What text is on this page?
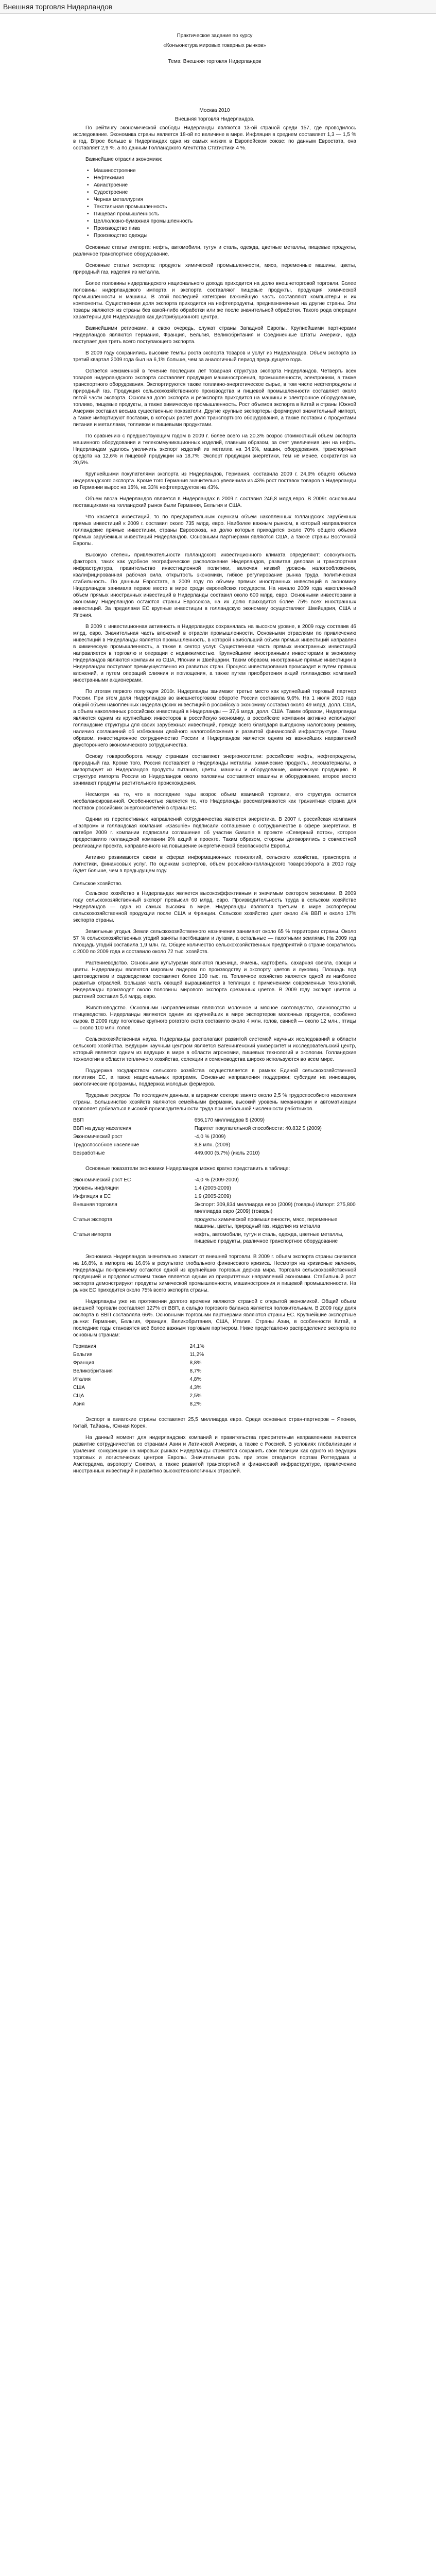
Внешняя торговля Нидерландов

Практическое задание по курсу

«Конъюнктура мировых товарных рынков»

Тема: Внешняя торговля Нидерландов

Москва 2010

Внешняя торговля Нидерландов.

По рейтингу экономической свободы Нидерланды являются 13-ой страной среди 157, где проводилось исследование. Экономика страны является 18-ой по величине в мире. Инфляция в среднем составляет 1,3 — 1,5 % в год. Втрое больше в Нидерландах одна из самых низких в Европейском союзе: по данным Евростата, она составляет 2,9 %, а по данным Голландского Агентства Статистики 4 %.

Важнейшие отрасли экономики:

• Машиностроение
• Нефтехимия
• Авиастроение
• Судостроение
• Черная металлургия
• Текстильная промышленность
• Пищевая промышленность
• Целлюлозно-бумажная промышленность
• Производство пива
• Производство одежды

Основные статьи импорта: нефть, автомобили, тутун и сталь, одежда, цветные металлы, пищевые продукты, различное транспортное оборудование.

Основные статьи экспорта: продукты химической промышленности, мясо, переменные машины, цветы, природный газ, изделия из металла.

Более половины нидерландского национального дохода приходится на долю внешнеторговой торговли. Более половины нидерландского импорта и экспорта составляют пищевые продукты, продукция химической промышленности и машины. В этой последней категории важнейшую часть составляют компьютеры и их компоненты. Существенная доля экспорта приходится на нефтепродукты, предназначенные на другие страны. Эти товары являются из страны без какой-либо обработки или же после значительной обработки. Такого рода операции характерны для Нидерландов как дистрибуционного центра.

Важнейшими регионами, в свою очередь, служат страны Западной Европы. Крупнейшими партнерами Нидерландов являются Германия, Франция, Бельгия, Великобритания и Соединенные Штаты Америки, куда поступает дня треть всего поступающего экспорта.

В 2009 году сохранились высокие темпы роста экспорта товаров и услуг из Нидерландов. Объем экспорта за третий квартал 2009 года был на 6,1% больше, чем за аналогичный период предыдущего года.

Остается неизменной в течение последних лет товарная структура экспорта Нидерландов. Четверть всех товаров нидерландского экспорта составляет продукция машиностроения, промышленности, электроники, а также транспортного оборудования. Экспортируются также топливно-энергетическое сырье, в том числе нефтепродукты и природный газ. Продукция сельскохозяйственного производства и пищевой промышленности составляет около пятой части экспорта. Основная доля экспорта и реэкспорта приходится на машины и электронное оборудование, топливо, пищевые продукты, а также химическую промышленность. Рост объемов экспорта в Китай и страны Южной Америки составил весьма существенные показатели. Другие крупные экспортеры формируют значительный импорт, а также импортируют поставки, в которых растет доля транспортного оборудования, а также поставки с продуктами питания и металлами, топливом и пищевыми продуктами.

По сравнению с предшествующим годом в 2009 г. более всего на 20,3% возрос стоимостный объем экспорта машинного оборудования и телекоммуникационных изделий, главным образом, за счет увеличения цен на нефть. Нидерландам удалось увеличить экспорт изделий из металла на 34,9%, машин, оборудования, транспортных средств на 12,6% и пищевой продукции на 18,7%. Экспорт продукции энергетики, тем не менее, сократился на 20,5%.

Крупнейшими покупателями экспорта из Нидерландов, Германия, составила 2009 г. 24,9% общего объема нидерландского экспорта. Кроме того Германия значительно увеличила из 43% рост поставок товаров в Нидерланды из Германии вырос на 15%, на 33% нефтепродуктов на 43%.

Объем ввоза Нидерландов является в Нидерландах в 2009 г. составил 246,8 млрд.евро. В 2009г. основными поставщиками на голландский рынок были Германия, Бельгия и США.

Что касается инвестиций, то по предварительным оценкам объем накопленных голландских зарубежных прямых инвестиций к 2009 г. составил около 735 млрд. евро. Наиболее важным рынком, в который направляются голландские прямые инвестиции, страны Евросоюза, на долю которых приходится около 70% общего объема прямых зарубежных инвестиций Нидерландов. Основными партнерами являются США, а также страны Восточной Европы.

Высокую степень привлекательности голландского инвестиционного климата определяют: совокупность факторов, таких как удобное географическое расположение Нидерландов, развитая деловая и транспортная инфраструктура, правительство инвестиционной политики, включая низкий уровень налогообложения, квалифицированная рабочая сила, открытость экономики, гибкое регулирование рынка труда, политическая стабильность. По данным Евростата, в 2009 году по объему прямых иностранных инвестиций в экономику Нидерландов занимала первое место в мире среди европейских государств. На начало 2009 года накопленный объем прямых иностранных инвестиций в Нидерланды составил около 600 млрд. евро. Основными инвесторами в экономику Нидерландов остаются страны Евросоюза, на их долю приходится более 75% всех иностранных инвестиций. За пределами ЕС крупные инвестиции в голландскую экономику осуществляют Швейцария, США и Япония.

В 2009 г. инвестиционная активность в Нидерландах сохранялась на высоком уровне, в 2009 году составив 46 млрд. евро. Значительная часть вложений в отрасли промышленности. Основными отраслями по привлечению инвестиций в Нидерланды является промышленность, в которой наибольший объем прямых инвестиций направлен в химическую промышленность, а также в сектор услуг. Существенная часть прямых иностранных инвестиций направляется в торговлю и операции с недвижимостью. Крупнейшими иностранными инвесторами в экономику Нидерландов являются компании из США, Японии и Швейцарии. Таким образом, иностранные прямые инвестиции в Нидерландах поступают преимущественно из развитых стран. Процесс инвестирования происходит и путем прямых вложений, и путем операций слияния и поглощения, а также путем приобретения акций голландских компаний иностранными акционерами.

По итогам первого полугодия 2010г. Нидерланды занимают третье место как крупнейший торговый партнер России. При этом доля Нидерландов во внешнеторговом обороте России составила 9,6%. На 1 июля 2010 года общий объем накопленных нидерландских инвестиций в российскую экономику составил около 49 млрд. долл. США, а объем накопленных российских инвестиций в Нидерланды — 37,6 млрд. долл. США. Таким образом, Нидерланды являются одним из крупнейших инвесторов в российскую экономику, а российские компании активно используют голландские структуры для своих зарубежных инвестиций, прежде всего благодаря выгодному налоговому режиму, наличию соглашений об избежании двойного налогообложения и развитой финансовой инфраструктуре. Таким образом, инвестиционное сотрудничество России и Нидерландов является одним из важнейших направлений двустороннего экономического сотрудничества.

Основу товарооборота между странами составляют энергоносители: российские нефть, нефтепродукты, природный газ. Кроме того, Россия поставляет в Нидерланды металлы, химические продукты, лесоматериалы, а импортирует из Нидерландов продукты питания, цветы, машины и оборудование, химическую продукцию. В структуре импорта России из Нидерландов около половины составляют машины и оборудование, второе место занимают продукты растительного происхождения.

Несмотря на то, что в последние годы возрос объем взаимной торговли, его структура остается несбалансированной. Особенностью является то, что Нидерланды рассматриваются как транзитная страна для поставок российских энергоносителей в страны ЕС.

Одним из перспективных направлений сотрудничества является энергетика. В 2007 г. российская компания «Газпром» и голландская компания «Gasunie» подписали соглашение о сотрудничестве в сфере энергетики. В октябре 2009 г. компании подписали соглашение об участии Gasunie в проекте «Северный поток», которое предоставило голландской компании 9% акций в проекте. Таким образом, стороны договорились о совместной реализации проекта, направленного на повышение энергетической безопасности Европы.

Активно развиваются связи в сферах информационных технологий, сельского хозяйства, транспорта и логистики, финансовых услуг. По оценкам экспертов, объем российско-голландского товарооборота в 2010 году будет больше, чем в предыдущем году.

Сельское хозяйство.

Сельское хозяйство в Нидерландах является высокоэффективным и значимым сектором экономики. В 2009 году сельскохозяйственный экспорт превысил 60 млрд. евро. Производительность труда в сельском хозяйстве Нидерландов — одна из самых высоких в мире. Нидерланды являются третьим в мире экспортером сельскохозяйственной продукции после США и Франции. Сельское хозяйство дает около 4% ВВП и около 17% экспорта страны.

Земельные угодья. Земли сельскохозяйственного назначения занимают около 65 % территории страны. Около 57 % сельскохозяйственных угодий заняты пастбищами и лугами, а остальные — пахотными землями. На 2009 год площадь угодий составила 1,9 млн. га. Общее количество сельскохозяйственных предприятий в стране сократилось с 2000 по 2009 года и составило около 72 тыс. хозяйств.

Растениеводство. Основными культурами являются пшеница, ячмень, картофель, сахарная свекла, овощи и цветы. Нидерланды являются мировым лидером по производству и экспорту цветов и луковиц. Площадь под цветоводством и садоводством составляет более 100 тыс. га. Тепличное хозяйство является одной из наиболее развитых отраслей. Большая часть овощей выращивается в теплицах с применением современных технологий. Нидерланды производят около половины мирового экспорта срезанных цветов. В 2009 году экспорт цветов и растений составил 5,4 млрд. евро.

Животноводство. Основными направлениями являются молочное и мясное скотоводство, свиноводство и птицеводство. Нидерланды являются одним из крупнейших в мире экспортеров молочных продуктов, особенно сыров. В 2009 году поголовье крупного рогатого скота составило около 4 млн. голов, свиней — около 12 млн., птицы — около 100 млн. голов.

Сельскохозяйственная наука. Нидерланды располагают развитой системой научных исследований в области сельского хозяйства. Ведущим научным центром является Вагенингенский университет и исследовательский центр, который является одним из ведущих в мире в области агрономии, пищевых технологий и экологии. Голландские технологии в области тепличного хозяйства, селекции и семеноводства широко используются во всем мире.

Поддержка государством сельского хозяйства осуществляется в рамках Единой сельскохозяйственной политики ЕС, а также национальных программ. Основные направления поддержки: субсидии на инновации, экологические программы, поддержка молодых фермеров.

Трудовые ресурсы. По последним данным, в аграрном секторе занято около 2,5 % трудоспособного населения страны. Большинство хозяйств являются семейными фермами, высокий уровень механизации и автоматизации позволяет добиваться высокой производительности труда при небольшой численности работников.

ВВП	656,170 миллиардов $ (2009)
ВВП на душу населения	Паритет покупательной способности: 40.832 $ (2009)
Экономический рост	-4,0 % (2009)
Трудоспособное население	8,8 млн. (2009)
Безработные	449.000 (5.7%) (июль 2010)

Основные показатели экономики Нидерландов можно кратко представить в таблице:

Экономический рост ЕС	-4,0 % (2009-2009)
Уровень инфляции	1,4 (2005-2009)
Инфляция в ЕС	1,9 (2005-2009)
Внешняя торговля	Экспорт: 309,834 миллиарда евро (2009) (товары) Импорт: 275,800 миллиарда евро (2009) (товары)
Статьи экспорта	продукты химической промышленности, мясо, переменные машины, цветы, природный газ, изделия из металла
Статьи импорта	нефть, автомобили, тутун и сталь, одежда, цветные металлы, пищевые продукты, различное транспортное оборудование

Экономика Нидерландов значительно зависит от внешней торговли. В 2009 г. объем экспорта страны снизился на 16,8%, а импорта на 16,6% в результате глобального финансового кризиса. Несмотря на кризисные явления, Нидерланды по-прежнему остаются одной из крупнейших торговых держав мира. Торговля сельскохозяйственной продукцией и продовольствием также является одним из приоритетных направлений экономики. Стабильный рост экспорта демонстрируют продукты химической промышленности, машиностроения и пищевой промышленности. На рынок ЕС приходится около 75% всего экспорта страны.

Нидерланды уже на протяжении долгого времени являются страной с открытой экономикой. Общий объем внешней торговли составляет 127% от ВВП, а сальдо торгового баланса является положительным. В 2009 году доля экспорта в ВВП составляла 66%. Основными торговыми партнерами являются страны ЕС. Крупнейшие экспортные рынки: Германия, Бельгия, Франция, Великобритания, США, Италия. Страны Азии, в особенности Китай, в последние годы становятся всё более важным торговым партнером. Ниже представлено распределение экспорта по основным странам:

Германия	24,1%
Бельгия	11,2%
Франция	8,8%
Великобритания	8,7%
Италия	4,8%
США	4,3%
СЦА	2,5%
Азия	8,2%

Экспорт в азиатские страны составляет 25,5 миллиарда евро. Среди основных стран-партнеров – Япония, Китай, Тайвань, Южная Корея.

На данный момент для нидерландских компаний и правительства приоритетным направлением является развитие сотрудничества со странами Азии и Латинской Америки, а также с Россией. В условиях глобализации и усиления конкуренции на мировых рынках Нидерланды стремятся сохранить свои позиции как одного из ведущих торговых и логистических центров Европы. Значительная роль при этом отводится портам Роттердама и Амстердама, аэропорту Схипхол, а также развитой транспортной и финансовой инфраструктуре, привлечению иностранных инвестиций и развитию высокотехнологичных отраслей.
